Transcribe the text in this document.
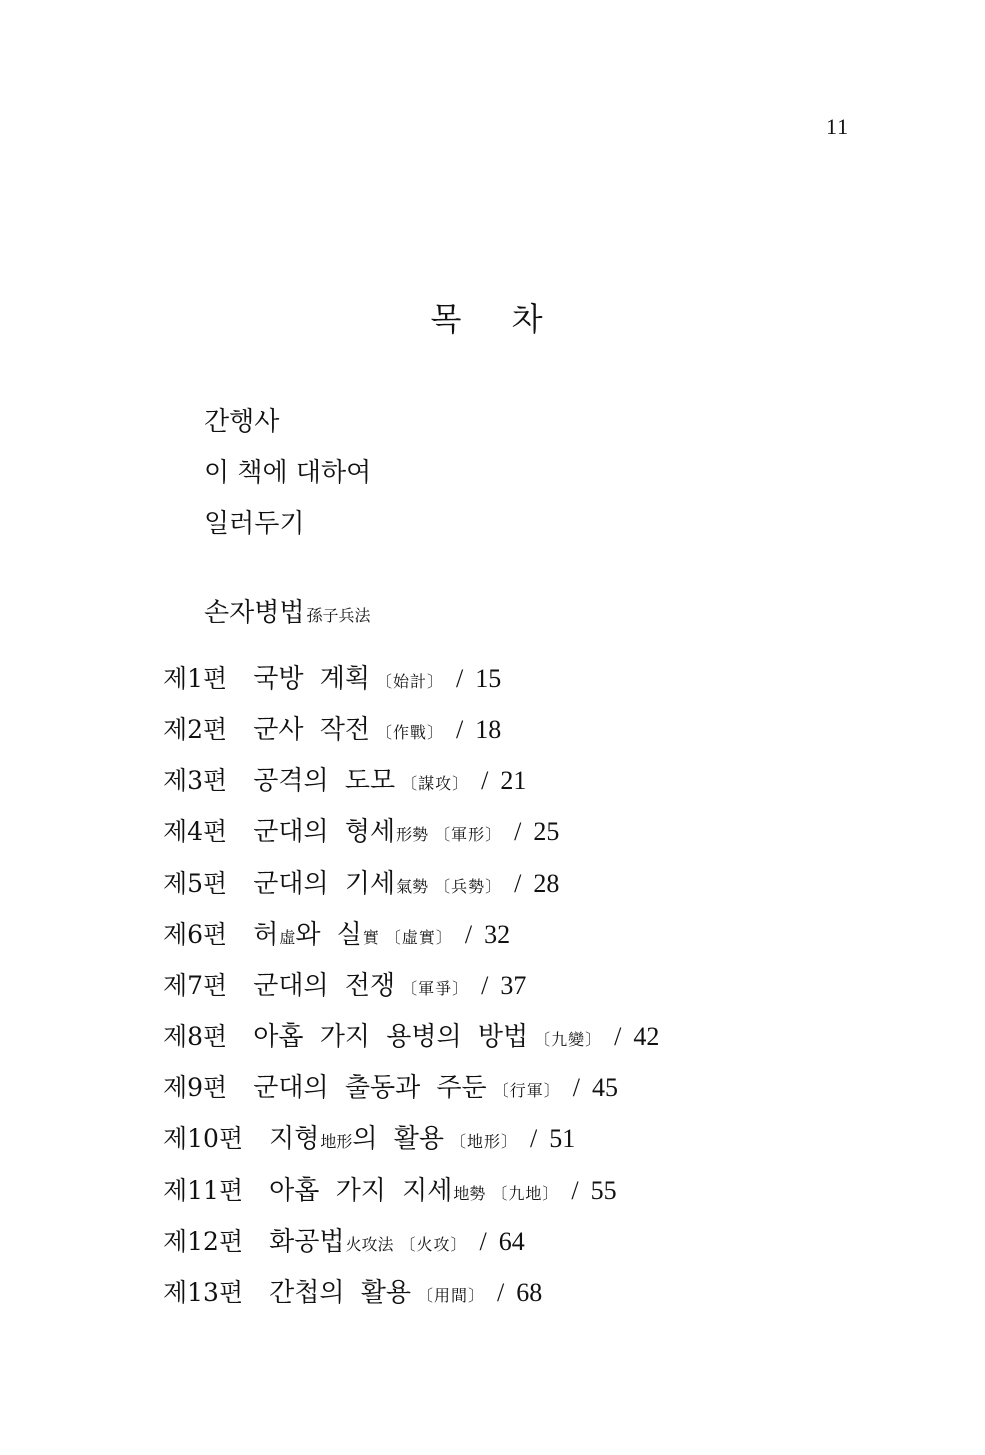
11
목 차
간행사
이 책에 대하여
일러두기
손자병법 孫子兵法
제1편 국방 계획 〔始計〕 / 15
제2편 군사 작전 〔作戰〕 / 18
제3편 공격의 도모 〔謀攻〕 / 21
제4편 군대의 형세形勢 〔軍形〕 / 25
제5편 군대의 기세氣勢 〔兵勢〕 / 28
제6편 허虛와 실實 〔虛實〕 / 32
제7편 군대의 전쟁 〔軍爭〕 / 37
제8편 아홉 가지 용병의 방법 〔九變〕 / 42
제9편 군대의 출동과 주둔 〔行軍〕 / 45
제10편 지형地形의 활용 〔地形〕 / 51
제11편 아홉 가지 지세地勢 〔九地〕 / 55
제12편 화공법火攻法 〔火攻〕 / 64
제13편 간첩의 활용 〔用間〕 / 68
